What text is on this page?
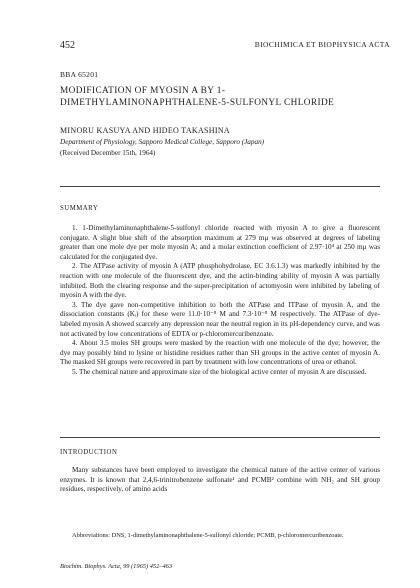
452	BIOCHIMICA ET BIOPHYSICA ACTA
BBA 65201
MODIFICATION OF MYOSIN A BY 1-DIMETHYLAMINONAPHTHALENE-5-SULFONYL CHLORIDE
MINORU KASUYA AND HIDEO TAKASHINA
Department of Physiology, Sapporo Medical College, Sapporo (Japan)
(Received December 15th, 1964)
SUMMARY

1. 1-Dimethylaminonaphthalene-5-sulfonyl chloride reacted with myosin A to give a fluorescent conjugate. A slight blue shift of the absorption maximum at 279 mμ was observed at degrees of labeling greater than one mole dye per mole myosin A; and a molar extinction coefficient of 2.97·10⁴ at 250 mμ was calculated for the conjugated dye.

2. The ATPase activity of myosin A (ATP phosphohydrolase, EC 3.6.1.3) was markedly inhibited by the reaction with one molecule of the fluorescent dye, and the actin-binding ability of myosin A was partially inhibited. Both the clearing response and the super-precipitation of actomyosin were inhibited by labeling of myosin A with the dye.

3. The dye gave non-competitive inhibition to both the ATPase and ITPase of myosin A, and the dissociation constants (Kᵢ) for these were 11.0·10⁻⁸ M and 7.3·10⁻⁸ M respectively. The ATPase of dye-labeled myosin A showed scarcely any depression near the neutral region in its pH-dependency curve, and was not activated by low concentrations of EDTA or p-chloromercuribenzoate.

4. About 3.5 moles SH groups were masked by the reaction with one molecule of the dye; however, the dye may possibly bind to lysine or histidine residues rather than SH groups in the active center of myosin A. The masked SH groups were recovered in part by treatment with low concentrations of urea or ethanol.

5. The chemical nature and approximate size of the biological active center of myosin A are discussed.

INTRODUCTION

Many substances have been employed to investigate the chemical nature of the active center of various enzymes. It is known that 2,4,6-trinitrobenzene sulfonate¹ and PCMB² combine with NH₂ and SH group residues, respectively, of amino acids

Abbreviations: DNS, 1-dimethylaminonaphthalene-5-sulfonyl chloride; PCMB, p-chloromercuribenzoate.

Biochim. Biophys. Acta, 99 (1965) 452–463
